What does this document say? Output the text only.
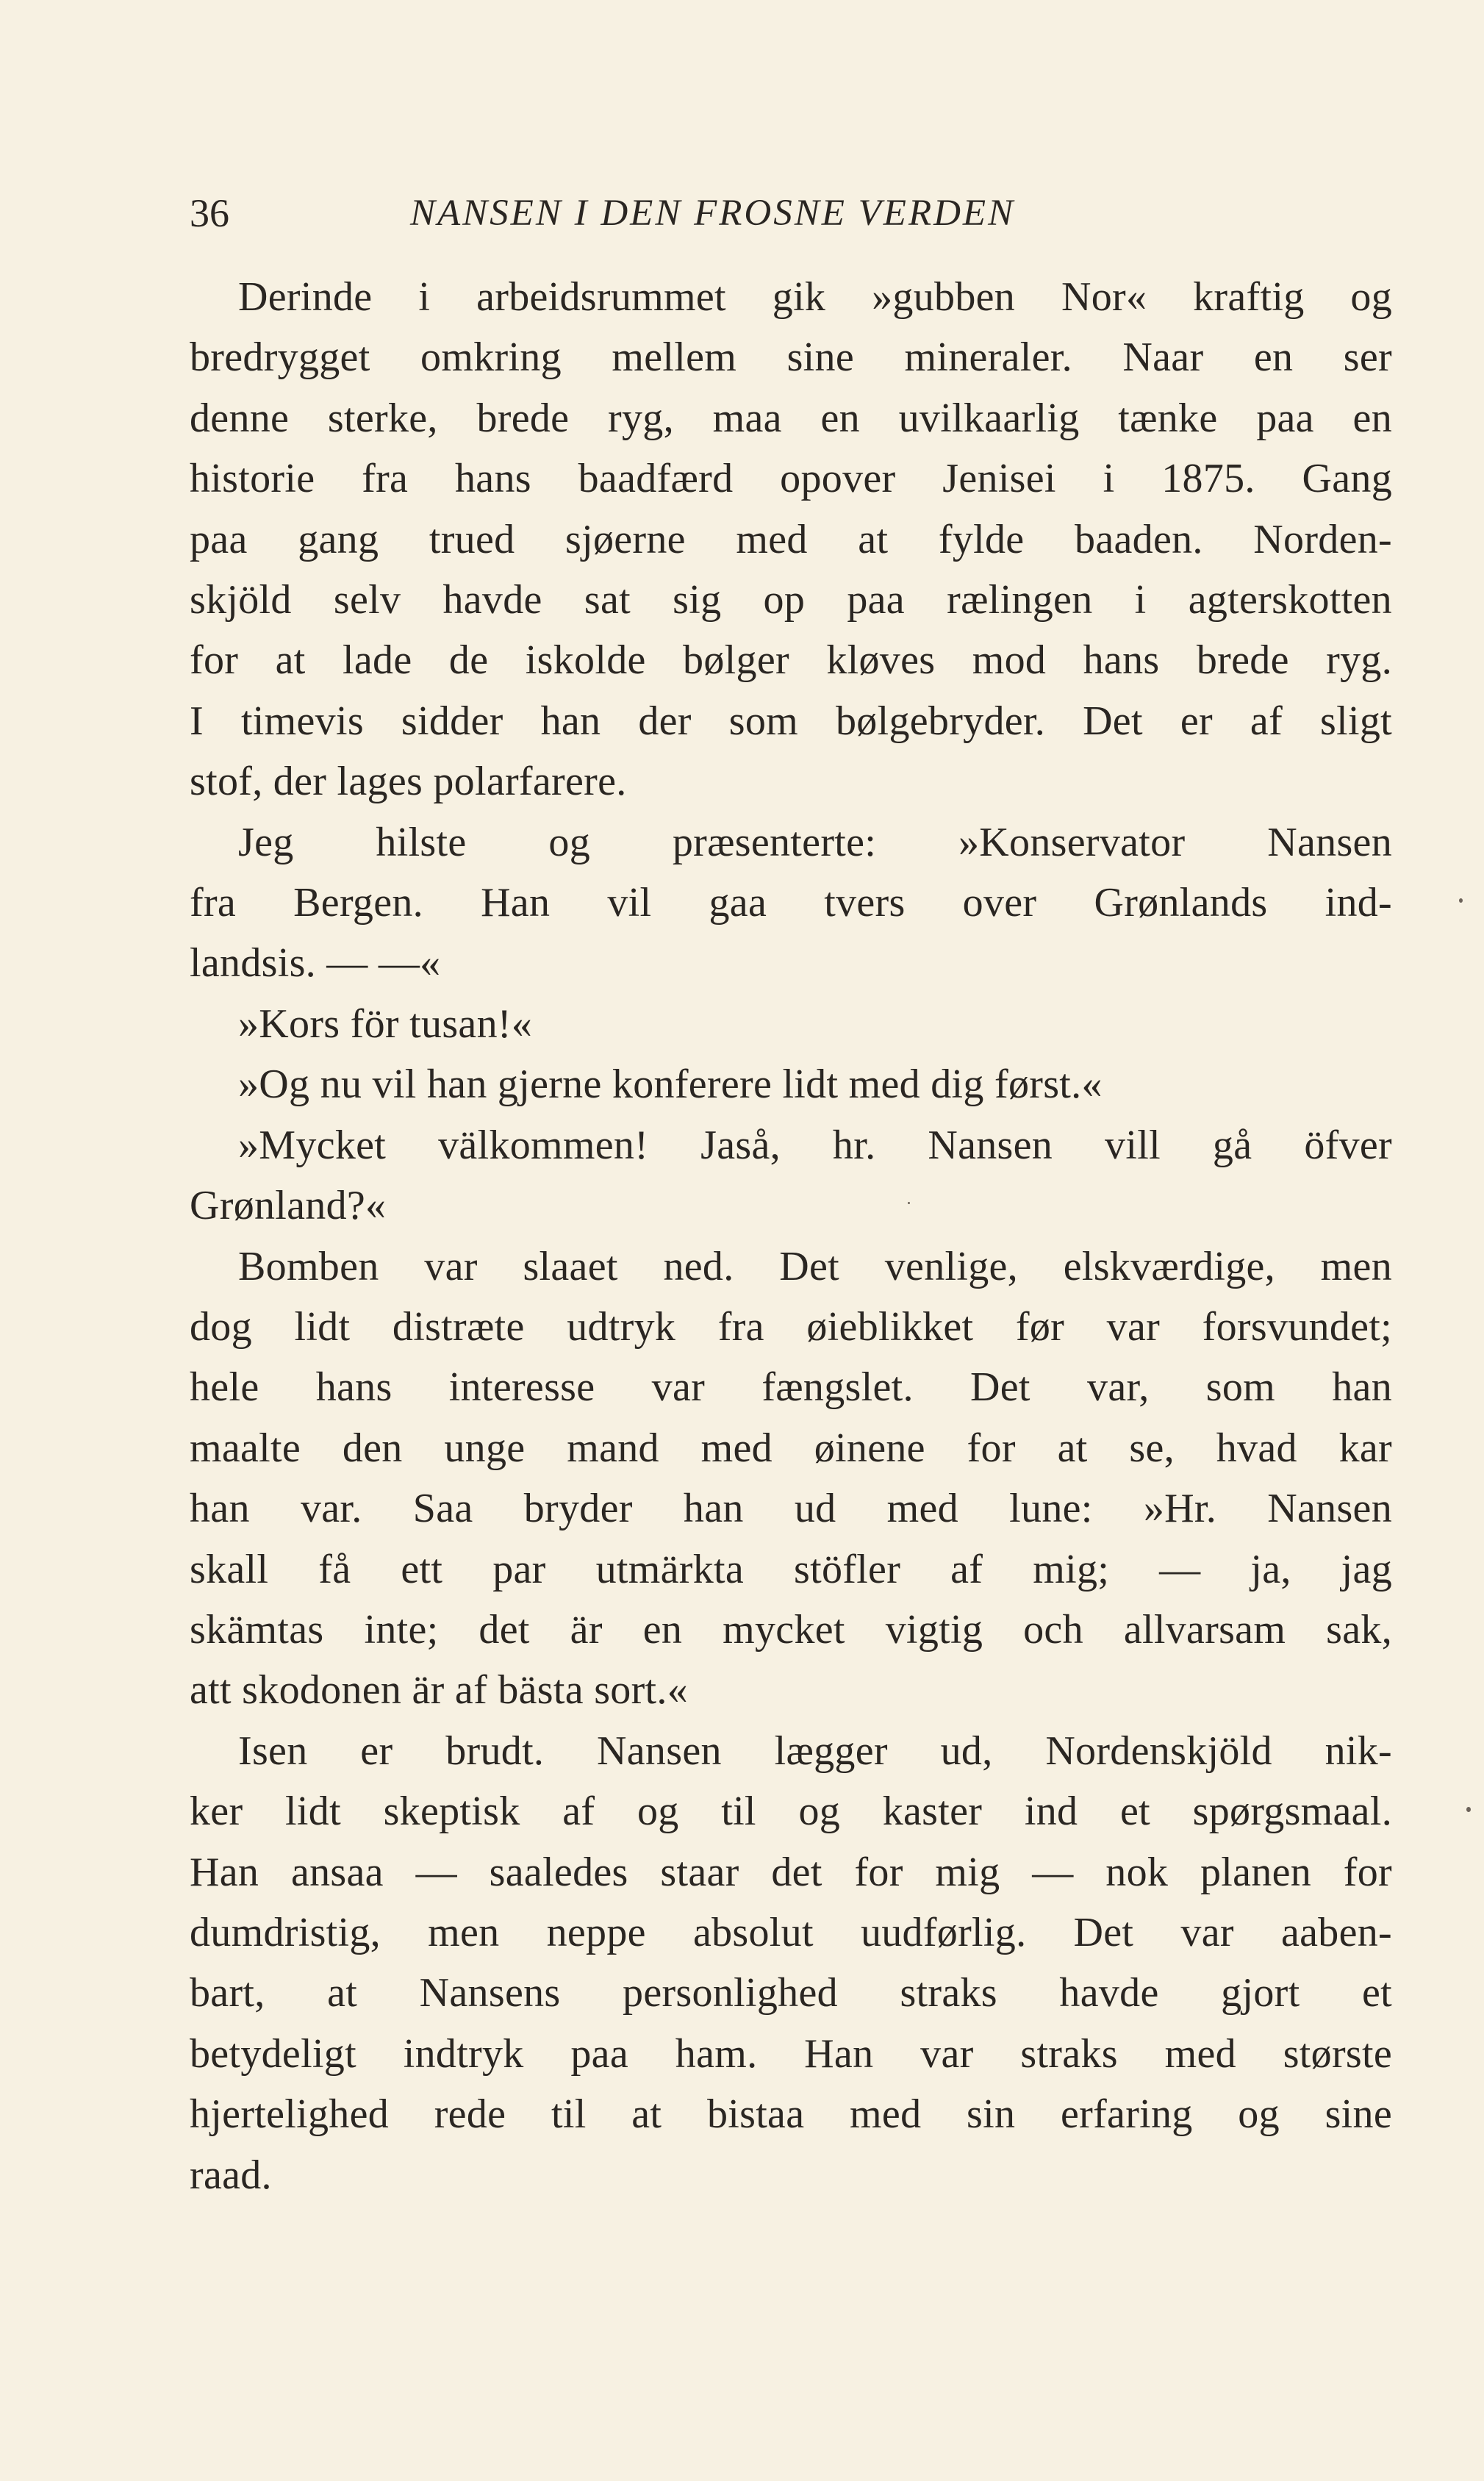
36	NANSEN I DEN FROSNE VERDEN
Derinde i arbeidsrummet gik »gubben Nor« kraftig og
bredrygget omkring mellem sine mineraler. Naar en ser
denne sterke, brede ryg, maa en uvilkaarlig tænke paa en
historie fra hans baadfærd opover Jenisei i 1875. Gang
paa gang trued sjøerne med at fylde baaden. Norden-
skjöld selv havde sat sig op paa rælingen i agterskotten
for at lade de iskolde bølger kløves mod hans brede ryg.
I timevis sidder han der som bølgebryder. Det er af sligt
stof, der lages polarfarere.
Jeg hilste og præsenterte: »Konservator Nansen
fra Bergen. Han vil gaa tvers over Grønlands ind-
landsis. — —«
»Kors för tusan!«
»Og nu vil han gjerne konferere lidt med dig først.«
»Mycket välkommen! Jaså, hr. Nansen vill gå öfver
Grønland?«
Bomben var slaaet ned. Det venlige, elskværdige, men
dog lidt distræte udtryk fra øieblikket før var forsvundet;
hele hans interesse var fængslet. Det var, som han
maalte den unge mand med øinene for at se, hvad kar
han var. Saa bryder han ud med lune: »Hr. Nansen
skall få ett par utmärkta stöfler af mig; — ja, jag
skämtas inte; det är en mycket vigtig och allvarsam sak,
att skodonen är af bästa sort.«
Isen er brudt. Nansen lægger ud, Nordenskjöld nik-
ker lidt skeptisk af og til og kaster ind et spørgsmaal.
Han ansaa — saaledes staar det for mig — nok planen for
dumdristig, men neppe absolut uudførlig. Det var aaben-
bart, at Nansens personlighed straks havde gjort et
betydeligt indtryk paa ham. Han var straks med største
hjertelighed rede til at bistaa med sin erfaring og sine
raad.
